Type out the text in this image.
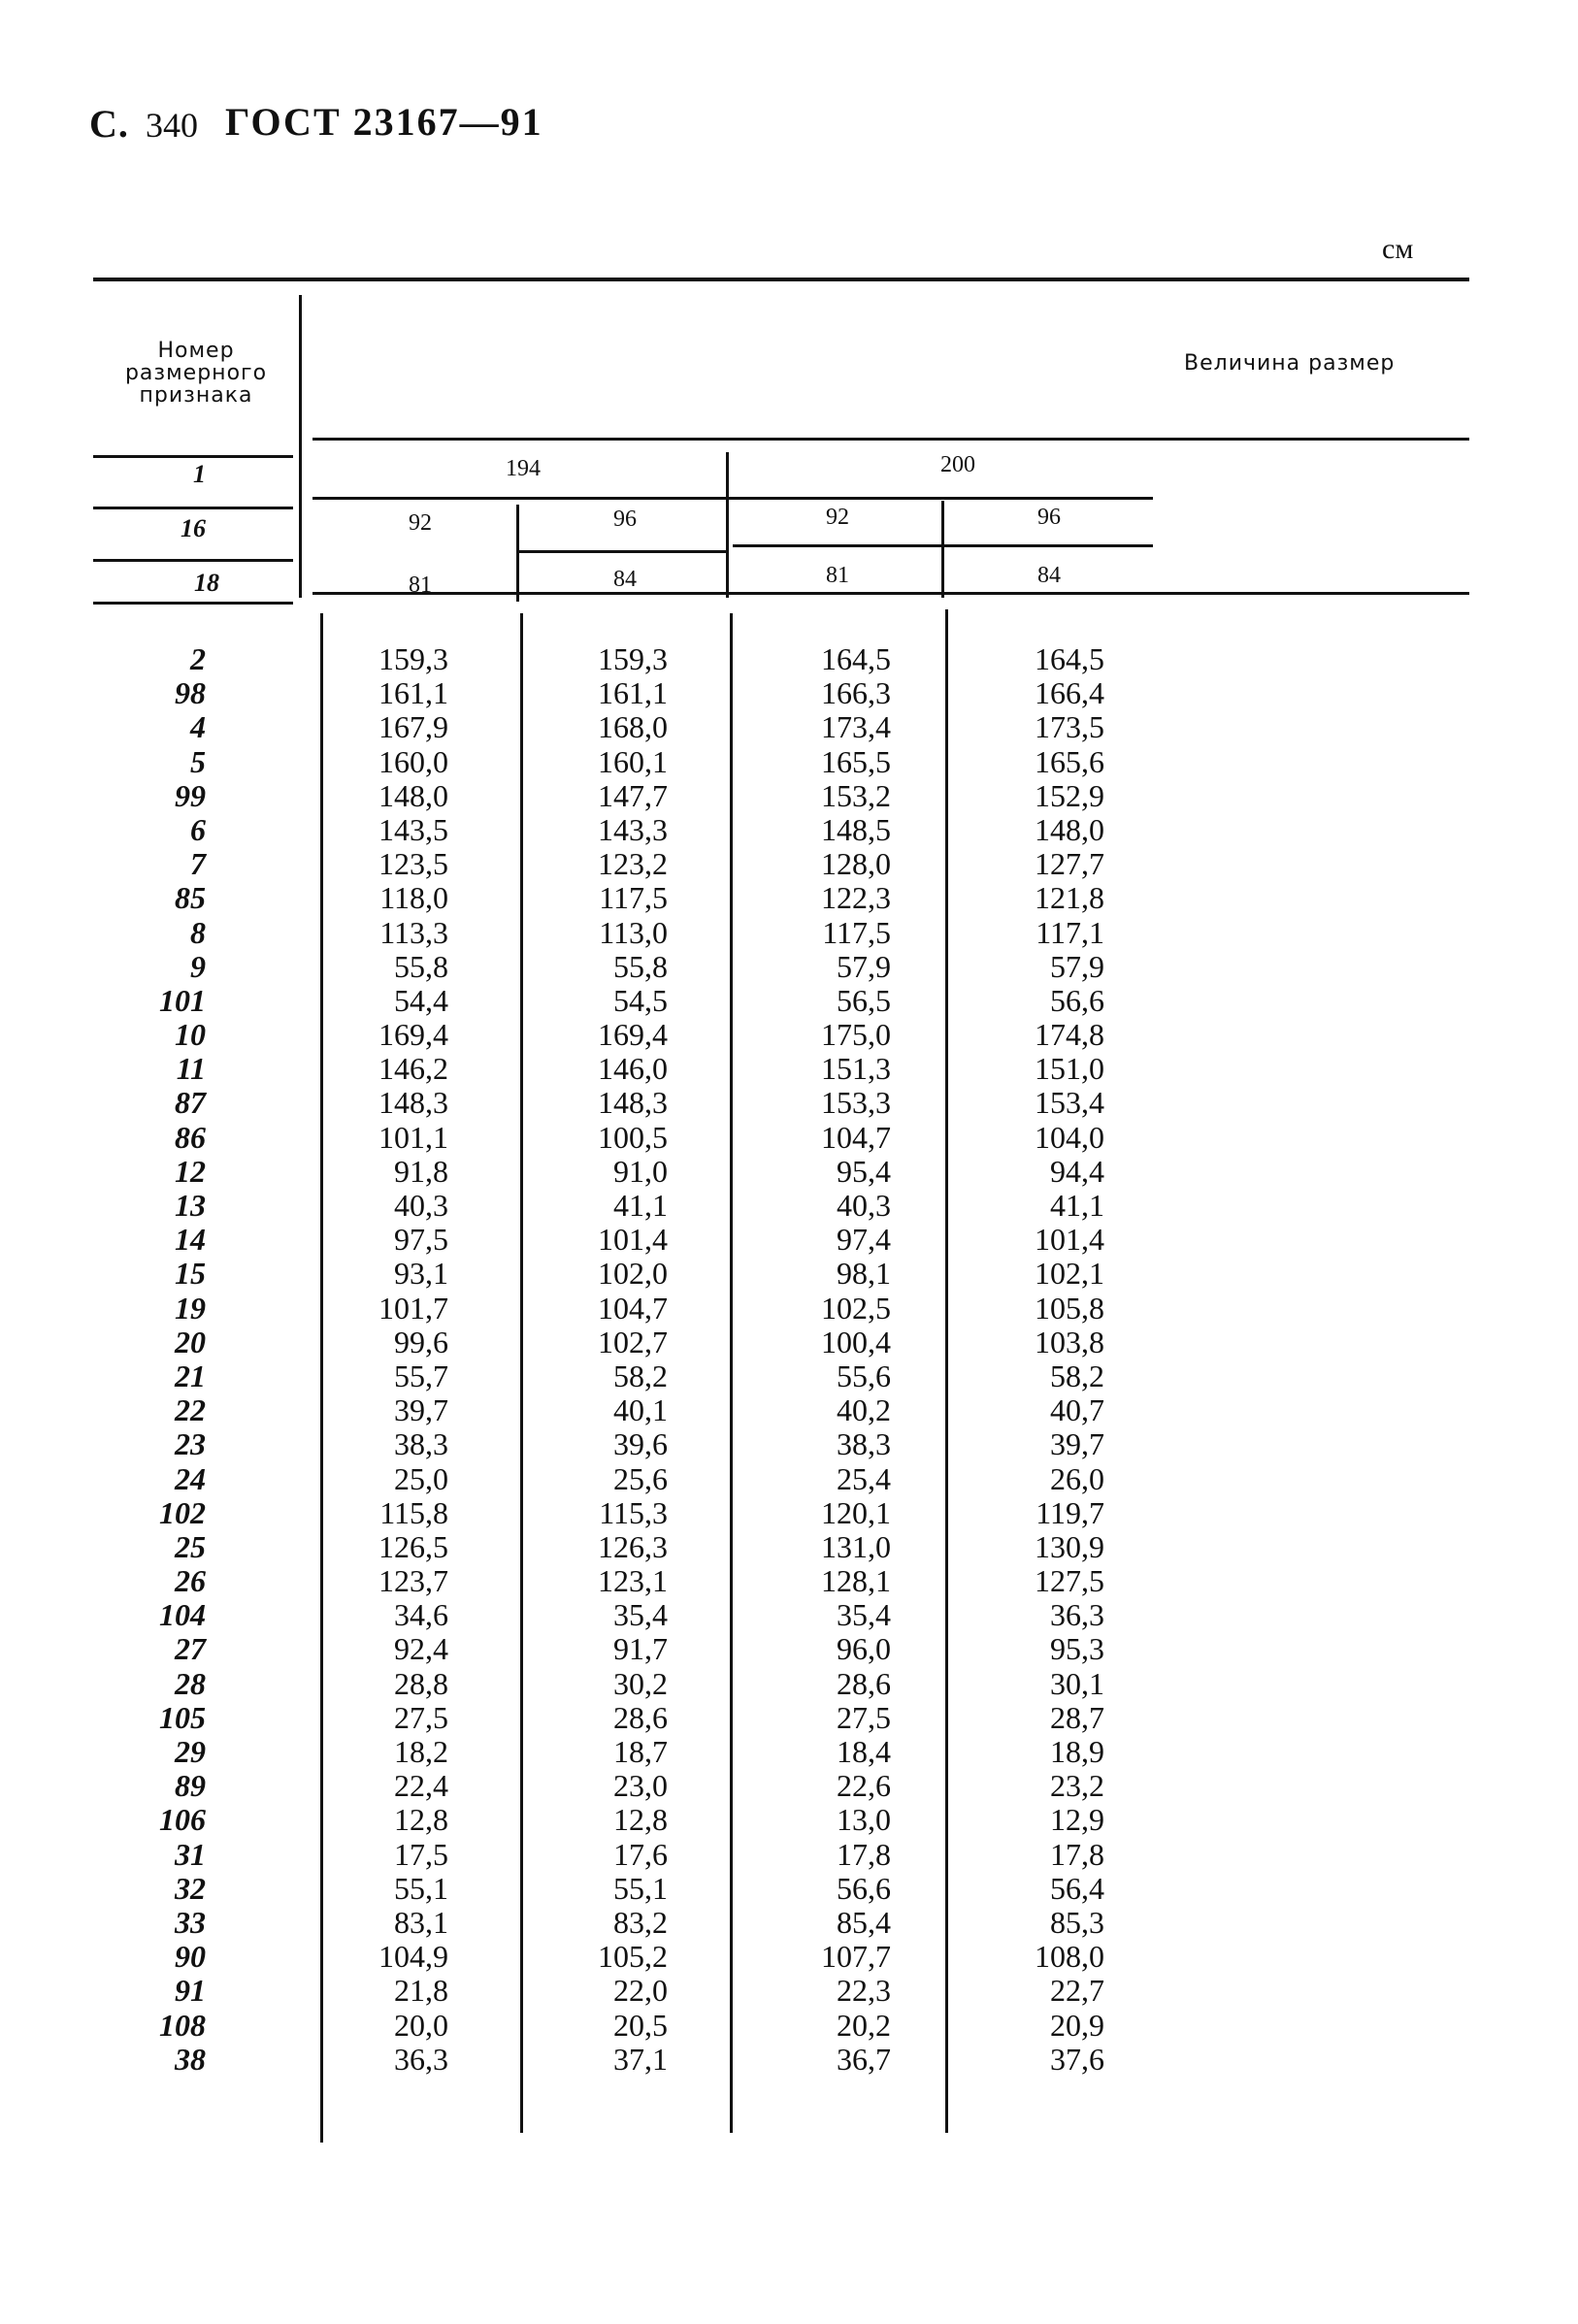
С. 340 ГОСТ 23167—91
см
Номер размерного признака
Величина размер
1
16
18
194	200
92	96	92	96
81	84	81	84
2	159,3	159,3	164,5	164,5
98	161,1	161,1	166,3	166,4
4	167,9	168,0	173,4	173,5
5	160,0	160,1	165,5	165,6
99	148,0	147,7	153,2	152,9
6	143,5	143,3	148,5	148,0
7	123,5	123,2	128,0	127,7
85	118,0	117,5	122,3	121,8
8	113,3	113,0	117,5	117,1
9	55,8	55,8	57,9	57,9
101	54,4	54,5	56,5	56,6
10	169,4	169,4	175,0	174,8
11	146,2	146,0	151,3	151,0
87	148,3	148,3	153,3	153,4
86	101,1	100,5	104,7	104,0
12	91,8	91,0	95,4	94,4
13	40,3	41,1	40,3	41,1
14	97,5	101,4	97,4	101,4
15	93,1	102,0	98,1	102,1
19	101,7	104,7	102,5	105,8
20	99,6	102,7	100,4	103,8
21	55,7	58,2	55,6	58,2
22	39,7	40,1	40,2	40,7
23	38,3	39,6	38,3	39,7
24	25,0	25,6	25,4	26,0
102	115,8	115,3	120,1	119,7
25	126,5	126,3	131,0	130,9
26	123,7	123,1	128,1	127,5
104	34,6	35,4	35,4	36,3
27	92,4	91,7	96,0	95,3
28	28,8	30,2	28,6	30,1
105	27,5	28,6	27,5	28,7
29	18,2	18,7	18,4	18,9
89	22,4	23,0	22,6	23,2
106	12,8	12,8	13,0	12,9
31	17,5	17,6	17,8	17,8
32	55,1	55,1	56,6	56,4
33	83,1	83,2	85,4	85,3
90	104,9	105,2	107,7	108,0
91	21,8	22,0	22,3	22,7
108	20,0	20,5	20,2	20,9
38	36,3	37,1	36,7	37,6
